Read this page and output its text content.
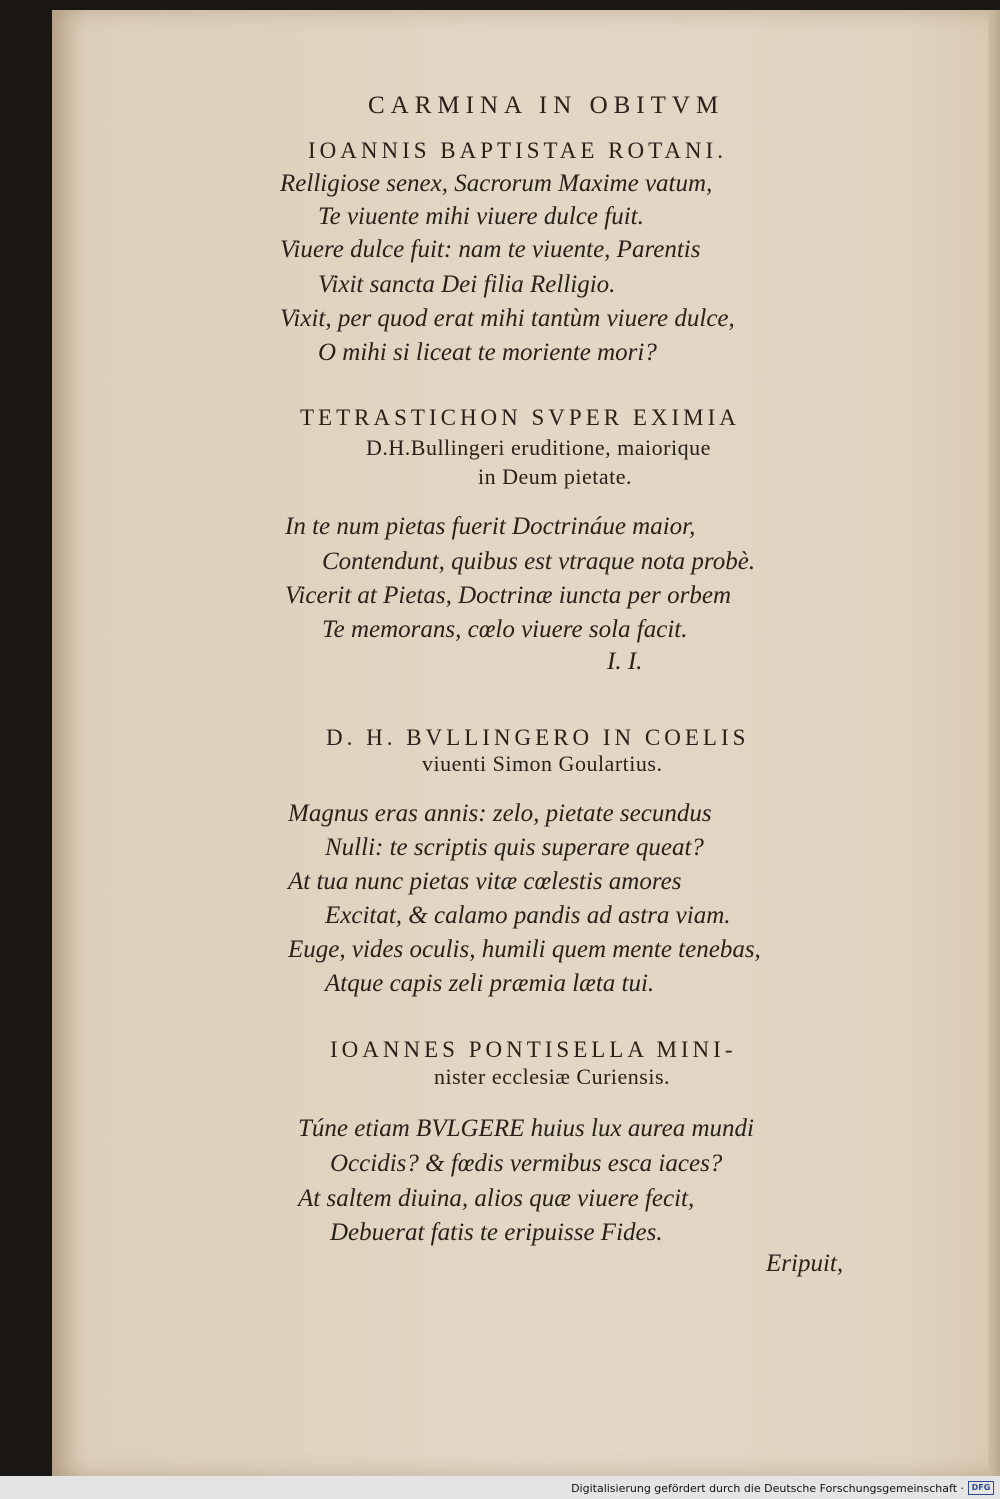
CARMINA IN OBITVM

IOANNIS BAPTISTAE ROTANI.

Relligiose senex, Sacrorum Maxime vatum,

Te viuente mihi viuere dulce fuit.

Viuere dulce fuit: nam te viuente, Parentis

Vixit sancta Dei filia Relligio.

Vixit, per quod erat mihi tantùm viuere dulce,

O mihi si liceat te moriente mori?

TETRASTICHON SVPER EXIMIA

D.H.Bullingeri eruditione, maiorique

in Deum pietate.

In te num pietas fuerit Doctrináue maior,

Contendunt, quibus est vtraque nota probè.

Vicerit at Pietas, Doctrinæ iuncta per orbem

Te memorans, cœlo viuere sola facit.

I. I.

D. H. BVLLINGERO IN COELIS

viuenti Simon Goulartius.

Magnus eras annis: zelo, pietate secundus

Nulli: te scriptis quis superare queat?

At tua nunc pietas vitæ cœlestis amores

Excitat, & calamo pandis ad astra viam.

Euge, vides oculis, humili quem mente tenebas,

Atque capis zeli præmia læta tui.

IOANNES PONTISELLA MINI-

nister ecclesiæ Curiensis.

Túne etiam BVLGERE huius lux aurea mundi

Occidis? & fœdis vermibus esca iaces?

At saltem diuina, alios quæ viuere fecit,

Debuerat fatis te eripuisse Fides.

Eripuit,

Digitalisierung gefördert durch die Deutsche Forschungsgemeinschaft · DFG
